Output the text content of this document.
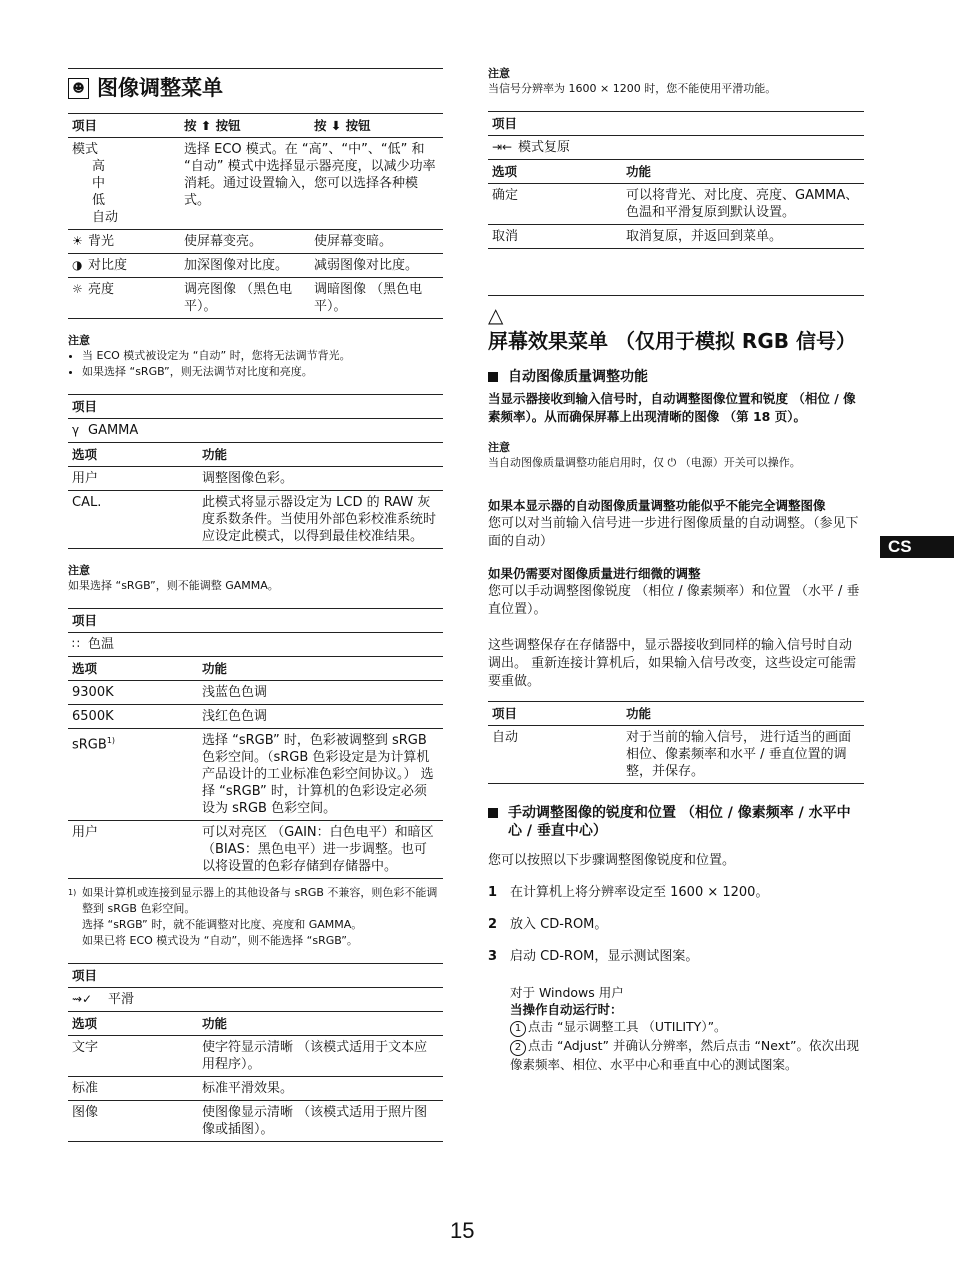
☻ 图像调整菜单
项目	按 ⬆ 按钮	按 ⬇ 按钮

模式
高
中
低
自动	选择 ECO 模式。在 “高”、“中”、“低” 和 “自动” 模式中选择显示器亮度，以减少功率消耗。通过设置输入，您可以选择各种模式。	
☀ 背光	使屏幕变亮。	使屏幕变暗。
◑ 对比度	加深图像对比度。	减弱图像对比度。
☼ 亮度	调亮图像 （黑色电平）。	调暗图像 （黑色电平）。
注意
• 当 ECO 模式被设定为 “自动” 时，您将无法调节背光。
• 如果选择 “sRGB”，则无法调节对比度和亮度。
项目	
γ GAMMA	
选项	功能
用户	调整图像色彩。
CAL.	此模式将显示器设定为 LCD 的 RAW 灰度系数条件。当使用外部色彩校准系统时应设定此模式，以得到最佳校准结果。
注意
如果选择 “sRGB”，则不能调整 GAMMA。
项目	
∷ 色温	
选项	功能
9300K	浅蓝色色调
6500K	浅红色色调
sRGB$^{1)}$	选择 “sRGB” 时，色彩被调整到 sRGB 色彩空间。（sRGB 色彩设定是为计算机产品设计的工业标准色彩空间协议。） 选择 “sRGB” 时，计算机的色彩设定必须设为 sRGB 色彩空间。
用户	可以对亮区 （GAIN：白色电平）和暗区 （BIAS：黑色电平）进一步调整。也可以将设置的色彩存储到存储器中。
1) 如果计算机或连接到显示器上的其他设备与 sRGB 不兼容，则色彩不能调整到 sRGB 色彩空间。
选择 “sRGB” 时，就不能调整对比度、亮度和 GAMMA。
如果已将 ECO 模式设为 “自动”，则不能选择 “sRGB”。
项目	
⇝✓ 平滑	
选项	功能
文字	使字符显示清晰 （该模式适用于文本应用程序）。
标准	标准平滑效果。
图像	使图像显示清晰 （该模式适用于照片图像或插图）。
注意
当信号分辨率为 1600 × 1200 时，您不能使用平滑功能。
项目	
⇥← 模式复原	
选项	功能
确定	可以将背光、对比度、亮度、GAMMA、色温和平滑复原到默认设置。
取消	取消复原，并返回到菜单。
△屏幕效果菜单 （仅用于模拟 RGB 信号）
自动图像质量调整功能

当显示器接收到输入信号时，自动调整图像位置和锐度 （相位 / 像素频率）。从而确保屏幕上出现清晰的图像 （第 18 页）。

注意
当自动图像质量调整功能启用时，仅 ⏻ （电源）开关可以操作。

如果本显示器的自动图像质量调整功能似乎不能完全调整图像

您可以对当前输入信号进一步进行图像质量的自动调整。（参见下面的自动）

如果仍需要对图像质量进行细微的调整

您可以手动调整图像锐度 （相位 / 像素频率）和位置 （水平 / 垂直位置）。

这些调整保存在存储器中，显示器接收到同样的输入信号时自动调出。 重新连接计算机后，如果输入信号改变，这些设定可能需要重做。

项目	功能
自动	对于当前的输入信号， 进行适当的画面相位、像素频率和水平 / 垂直位置的调整，并保存。
手动调整图像的锐度和位置 （相位 / 像素频率 / 水平中心 / 垂直中心）

您可以按照以下步骤调整图像锐度和位置。

1 在计算机上将分辨率设定至 1600 × 1200。
2 放入 CD-ROM。
3 启动 CD-ROM，显示测试图案。
对于 Windows 用户
当操作自动运行时：
1 点击 “显示调整工具 （UTILITY）”。
2 点击 “Adjust” 并确认分辨率，然后点击 “Next”。依次出现像素频率、相位、水平中心和垂直中心的测试图案。
CS
15
